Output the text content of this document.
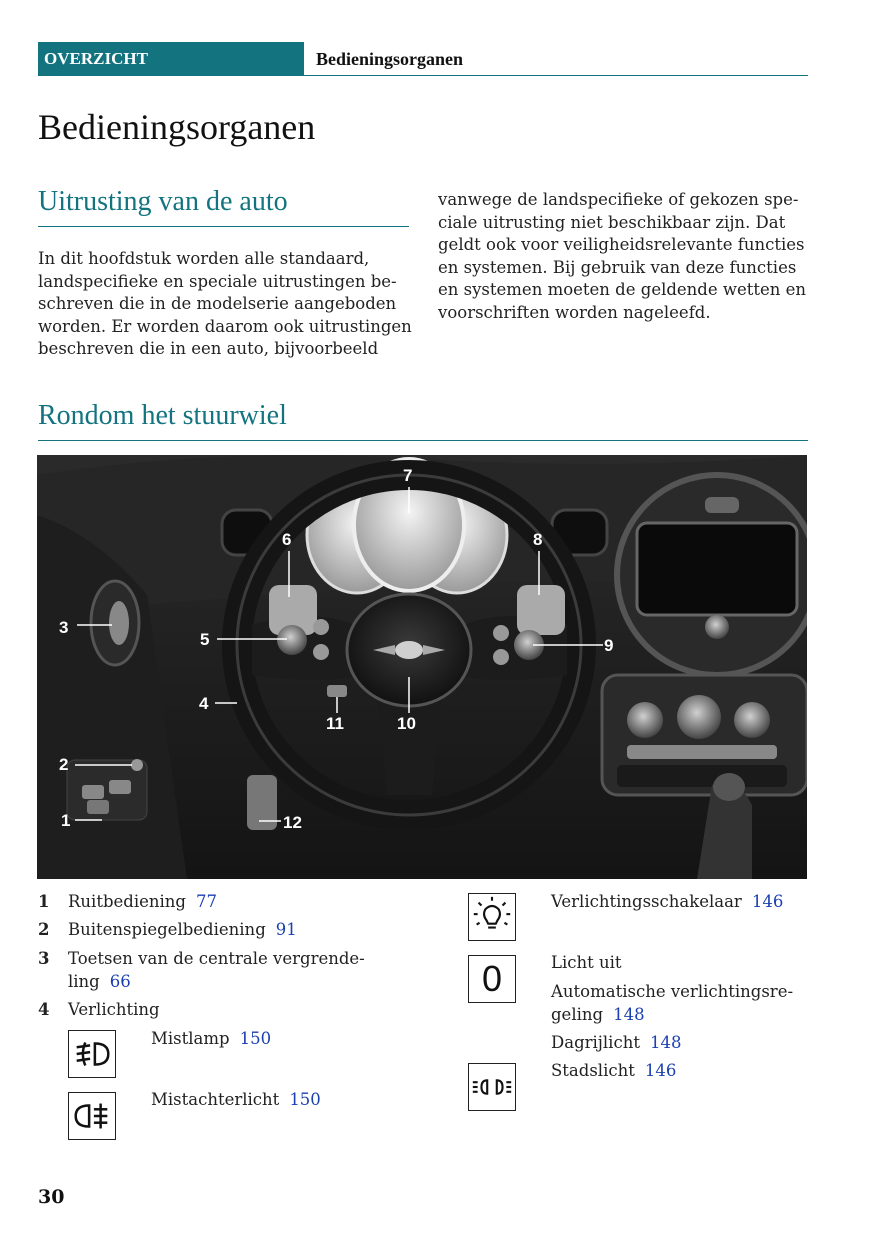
OVERZICHT	Bedieningsorganen
Bedieningsorganen
Uitrusting van de auto
In dit hoofdstuk worden alle standaard,
landspecifieke en speciale uitrustingen be-
schreven die in de modelserie aangeboden
worden. Er worden daarom ook uitrustingen
beschreven die in een auto, bijvoorbeeld
vanwege de landspecifieke of gekozen spe-
ciale uitrusting niet beschikbaar zijn. Dat
geldt ook voor veiligheidsrelevante functies
en systemen. Bij gebruik van deze functies
en systemen moeten de geldende wetten en
voorschriften worden nageleefd.
Rondom het stuurwiel
1
2
3
4
5
6
7
8
9
10
11
12
1 Ruitbediening 77
2 Buitenspiegelbediening 91
3 Toetsen van de centrale vergrende-
ling 66
4 Verlichting
Mistlamp 150
Mistachterlicht 150
Verlichtingsschakelaar 146
0	Licht uit
Automatische verlichtingsre-
geling 148
Dagrijlicht 148
Stadslicht 146
30
